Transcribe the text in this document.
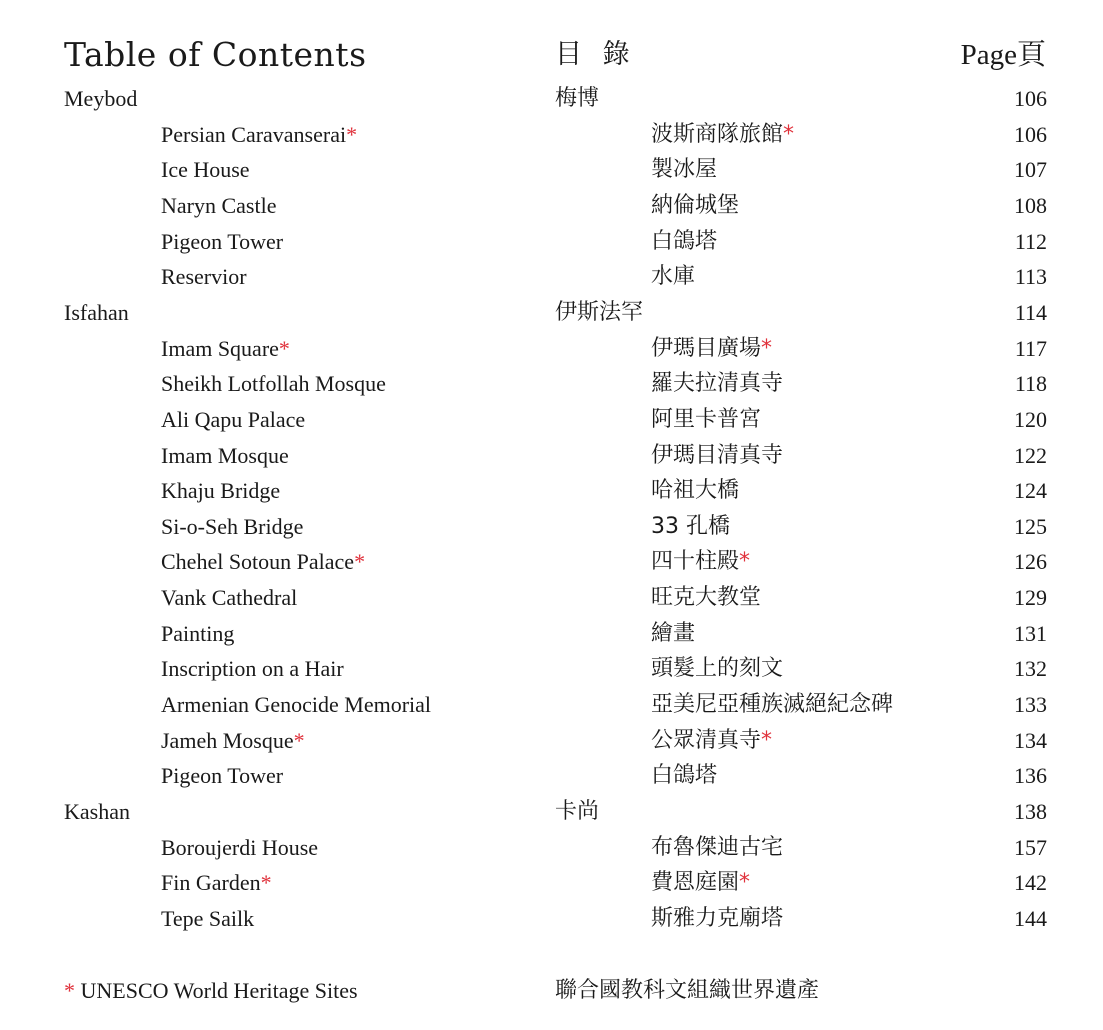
Table of Contents	目 錄	Page頁
Meybod	梅博	106
Persian Caravanserai*	波斯商隊旅館*	106
Ice House	製冰屋	107
Naryn Castle	納倫城堡	108
Pigeon Tower	白鴿塔	112
Reservior	水庫	113
Isfahan	伊斯法罕	114
Imam Square*	伊瑪目廣場*	117
Sheikh Lotfollah Mosque	羅夫拉清真寺	118
Ali Qapu Palace	阿里卡普宮	120
Imam Mosque	伊瑪目清真寺	122
Khaju Bridge	哈祖大橋	124
Si-o-Seh Bridge	33 孔橋	125
Chehel Sotoun Palace*	四十柱殿*	126
Vank Cathedral	旺克大教堂	129
Painting	繪畫	131
Inscription on a Hair	頭髮上的刻文	132
Armenian Genocide Memorial	亞美尼亞種族滅絕紀念碑	133
Jameh Mosque*	公眾清真寺*	134
Pigeon Tower	白鴿塔	136
Kashan	卡尚	138
Boroujerdi House	布魯傑迪古宅	157
Fin Garden*	費恩庭園*	142
Tepe Sailk	斯雅力克廟塔	144
* UNESCO World Heritage Sites	聯合國教科文組織世界遺產
